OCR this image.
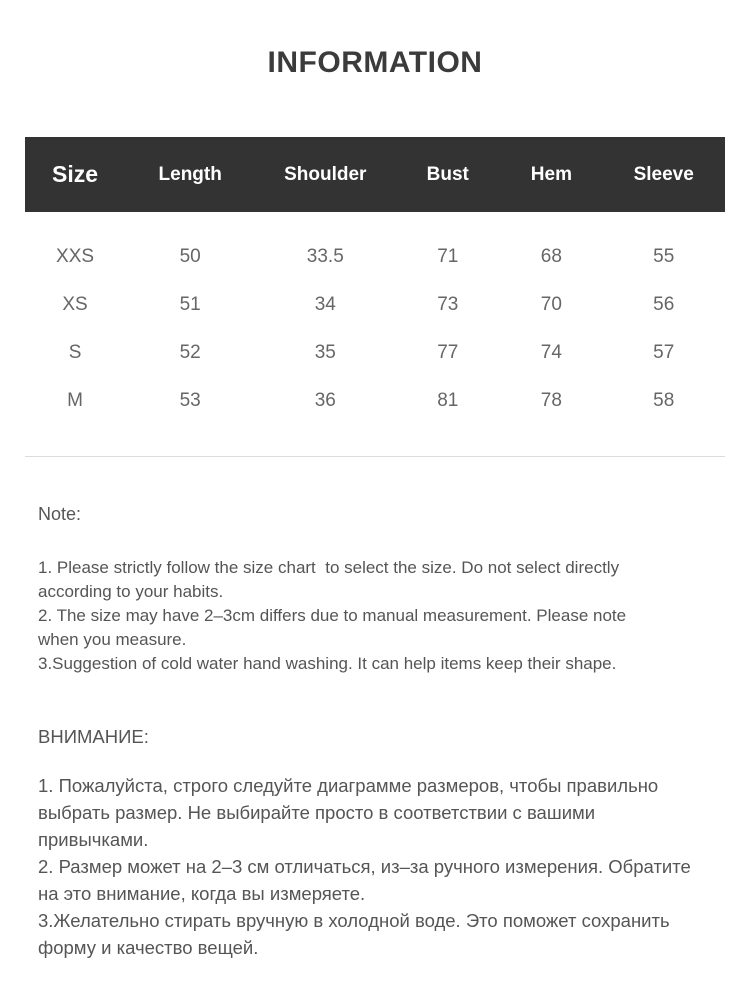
INFORMATION
Size	Length	Shoulder	Bust	Hem	Sleeve
XXS	50	33.5	71	68	55
XS	51	34	73	70	56
S	52	35	77	74	57
M	53	36	81	78	58
Note:
1. Please strictly follow the size chart  to select the size. Do not select directly
according to your habits.
2. The size may have 2–3cm differs due to manual measurement. Please note
when you measure.
3.Suggestion of cold water hand washing. It can help items keep their shape.
ВНИМАНИЕ:
1. Пожалуйста, строго следуйте диаграмме размеров, чтобы правильно
выбрать размер. Не выбирайте просто в соответствии с вашими
привычками.
2. Размер может на 2–3 см отличаться, из–за ручного измерения. Обратите
на это внимание, когда вы измеряете.
3.Желательно стирать вручную в холодной воде. Это поможет сохранить
форму и качество вещей.
